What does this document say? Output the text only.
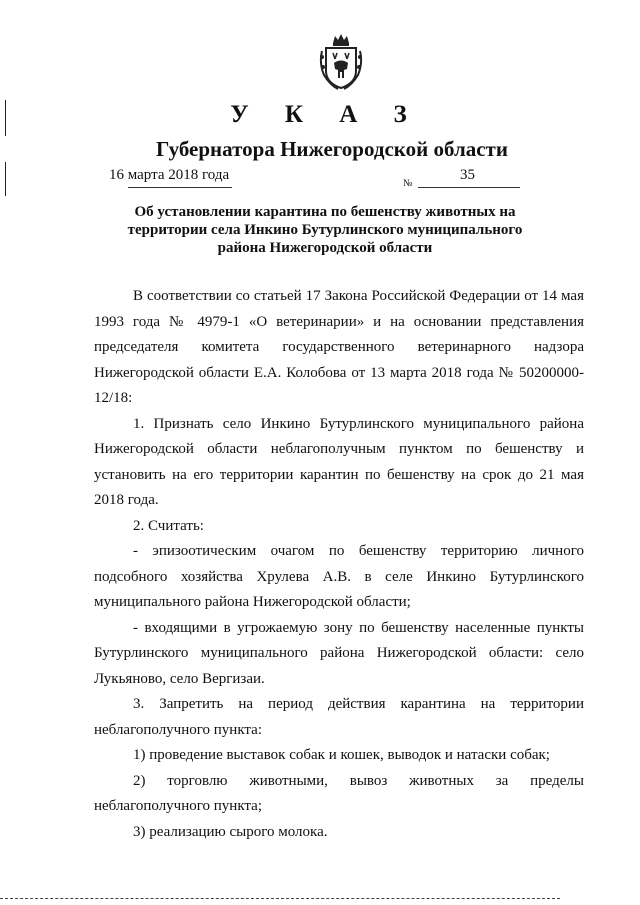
У К А З
Губернатора Нижегородской области
16 марта 2018 года
№
35
Об установлении карантина по бешенству животных на
территории села Инкино Бутурлинского муниципального
района Нижегородской области

В соответствии со статьей 17 Закона Российской Федерации от 14 мая 1993 года № 4979-1 «О ветеринарии» и на основании представления председателя комитета государственного ветеринарного надзора Нижегородской области Е.А. Колобова от 13 марта 2018 года № 50200000-12/18:

1. Признать село Инкино Бутурлинского муниципального района Нижегородской области неблагополучным пунктом по бешенству и установить на его территории карантин по бешенству на срок до 21 мая 2018 года.

2. Считать:

- эпизоотическим очагом по бешенству территорию личного подсобного хозяйства Хрулева А.В. в селе Инкино Бутурлинского муниципального района Нижегородской области;

- входящими в угрожаемую зону по бешенству населенные пункты Бутурлинского муниципального района Нижегородской области: село Лукьяново, село Вергизаи.

3. Запретить на период действия карантина на территории неблагополучного пункта:

1) проведение выставок собак и кошек, выводок и натаски собак;

2) торговлю животными, вывоз животных за пределы неблагополучного пункта;

3) реализацию сырого молока.
